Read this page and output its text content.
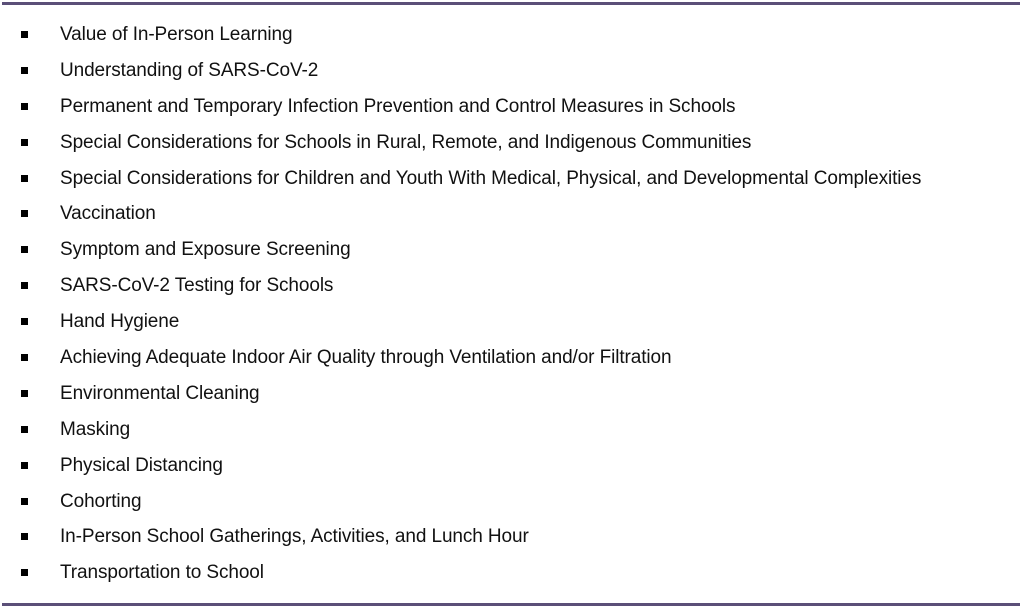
Value of In-Person Learning
Understanding of SARS-CoV-2
Permanent and Temporary Infection Prevention and Control Measures in Schools
Special Considerations for Schools in Rural, Remote, and Indigenous Communities
Special Considerations for Children and Youth With Medical, Physical, and Developmental Complexities
Vaccination
Symptom and Exposure Screening
SARS-CoV-2 Testing for Schools
Hand Hygiene
Achieving Adequate Indoor Air Quality through Ventilation and/or Filtration
Environmental Cleaning
Masking
Physical Distancing
Cohorting
In-Person School Gatherings, Activities, and Lunch Hour
Transportation to School
